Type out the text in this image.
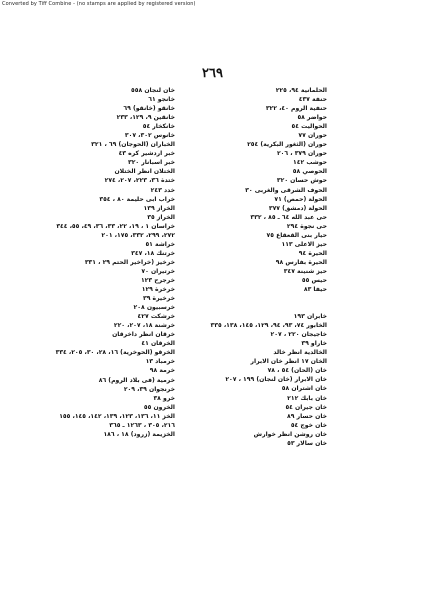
Converted by Tiff Combine - (no stamps are applied by registered version)
٢٦٩
الحلمانية ٩٤، ٢٢٥
حنفة ٤٣٧
حنفية الروم ٤٠، ٣٢٢
حواضر ٥٨
الحواليت ٥٤
حوران ٧٧
حوران (الثغور البكرية) ٢٥٤
حوران ٣٧٩ ، ٢٠٦
حوشب ١٤٢
الحوصي ٥٨
حوش حسان ٣٢٠
الحوف الشرقى والغربى ٣٠
الحولة (حمص) ٧١
الحولة (دمشق) ٣٧٧
حى عبد الله ٦٤ ـ ٨٥ ، ٣٣٢
حى نجوة ٢٩٤
حيار بنى القعقاع ٧٥
حيز الاعلى ١١٣
الحيرة ٩٤
الحيرة بفارس ٩٨
حيز شنينة ٣٤٧
حيس ٥٥
حيفا ٨٣
خابران ١٩٣
الخابور ٧٤، ٩٣، ٩٤، ١٢٩، ١٤٥، ١٣٨، ٣٣٥
خاجيجان ٢٢٠ ، ٢٠٧
خاراو ٣٩
الخالدية انظر خالد
الخان ١٧ انظر خان الابرار
خان (الحان) ٥٤ ، ٧٨
خان الابرار (خان لنجان) ١٩٩ ، ٢٠٧
خان اشتران ٥٨
خان بابك ٢١٢
خان جيران ٥٤
خان حسار ٨٩
خان خوج ٥٤
خان روشن انظر خوارش
خان سالار ٥٣
خان لنجان ٥٥٨
خانجو ٦١
خانقو (خانقو) ٦٩
خانقين ٩، ١٢٩، ٢٣٣
خانكخار ٥٤
خانوس ٣٠٢، ٣٠٧
الخباران (الحوجان) ٦٩ ، ٣٢١
خبر اردشير كره ٤٣
خبر اسبانار ٣٢٠
الختلان انظر الختلان
ختدة ٣٦، ٢٢٣، ٢٠٧، ٢٧٤
خدد ٢٤٣
خراب ابى حليمة ٨٠ ، ٣٥٤
الخراز ١٣٩
الخراز ٣٥
خراسان ١ ، ١٩، ٢٢، ٣٣، ٣٦، ٤٩، ٥٥، ٣٤٤
٢٧٢، ٢٩٩، ٣٣٢، ١٧٥، ٢٠١
خراشة ٥١
خرتنك ١٨، ٣٤٧
خرخيز (خراخير الحتم ٢٩ ، ٣٣١
خرتيران ٧٠
خرجرح ١٢٣
خرخرة ١٢٩
خرخيرة ٣٩
خرسبيون ٢٠٨
خرشكت ٤٢٧
خرشنة ١٨، ٢٠٧، ٢٢٠
خرقان انظر داخرقان
الخرقان ٤١
الخرقو (الحوخرية) ١٦، ٢٨، ٣٠، ٢٠٥، ٣٣٤
خرمباد ١٣
خرمة ٩٨
خرمية (فى بلاد الروم) ٨٦
خرنجوان ٣٩، ٢٠٩
خرو ٣٨
الخرون ٥٥
الخز ١١، ١٣٦، ١٢٣، ١٣٩، ١٤٢، ١٤٥، ١٥٥
٢١٦، ٣٠٥ ، ١٢٦٣ ـ ٣٦٥
الخزيمة (زرود) ١٨ ، ١٨٦
